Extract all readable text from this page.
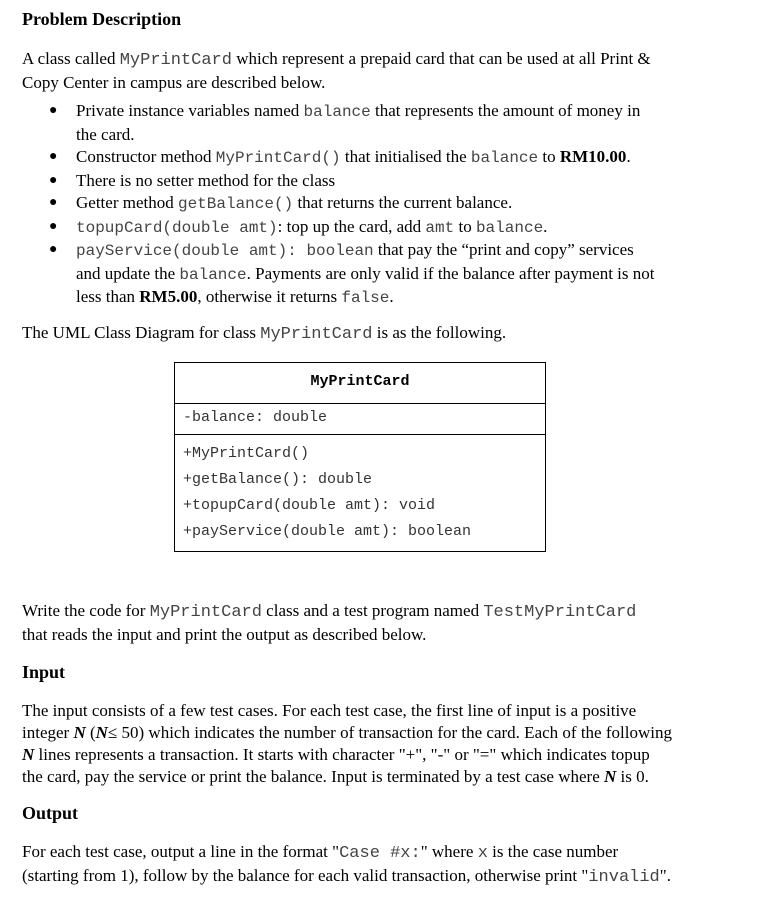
Problem Description
A class called MyPrintCard which represent a prepaid card that can be used at all Print &
Copy Center in campus are described below.
● Private instance variables named balance that represents the amount of money in
the card.
● Constructor method MyPrintCard() that initialised the balance to RM10.00.
● There is no setter method for the class
● Getter method getBalance() that returns the current balance.
● topupCard(double amt): top up the card, add amt to balance.
● payService(double amt): boolean that pay the “print and copy” services
and update the balance. Payments are only valid if the balance after payment is not
less than RM5.00, otherwise it returns false.
The UML Class Diagram for class MyPrintCard is as the following.
MyPrintCard
-balance: double
+MyPrintCard()
+getBalance(): double
+topupCard(double amt): void
+payService(double amt): boolean
Write the code for MyPrintCard class and a test program named TestMyPrintCard
that reads the input and print the output as described below.
Input
The input consists of a few test cases. For each test case, the first line of input is a positive
integer N (N≤ 50) which indicates the number of transaction for the card. Each of the following
N lines represents a transaction. It starts with character "+", "-" or "=" which indicates topup
the card, pay the service or print the balance. Input is terminated by a test case where N is 0.
Output
For each test case, output a line in the format "Case #x:" where x is the case number
(starting from 1), follow by the balance for each valid transaction, otherwise print "invalid".
